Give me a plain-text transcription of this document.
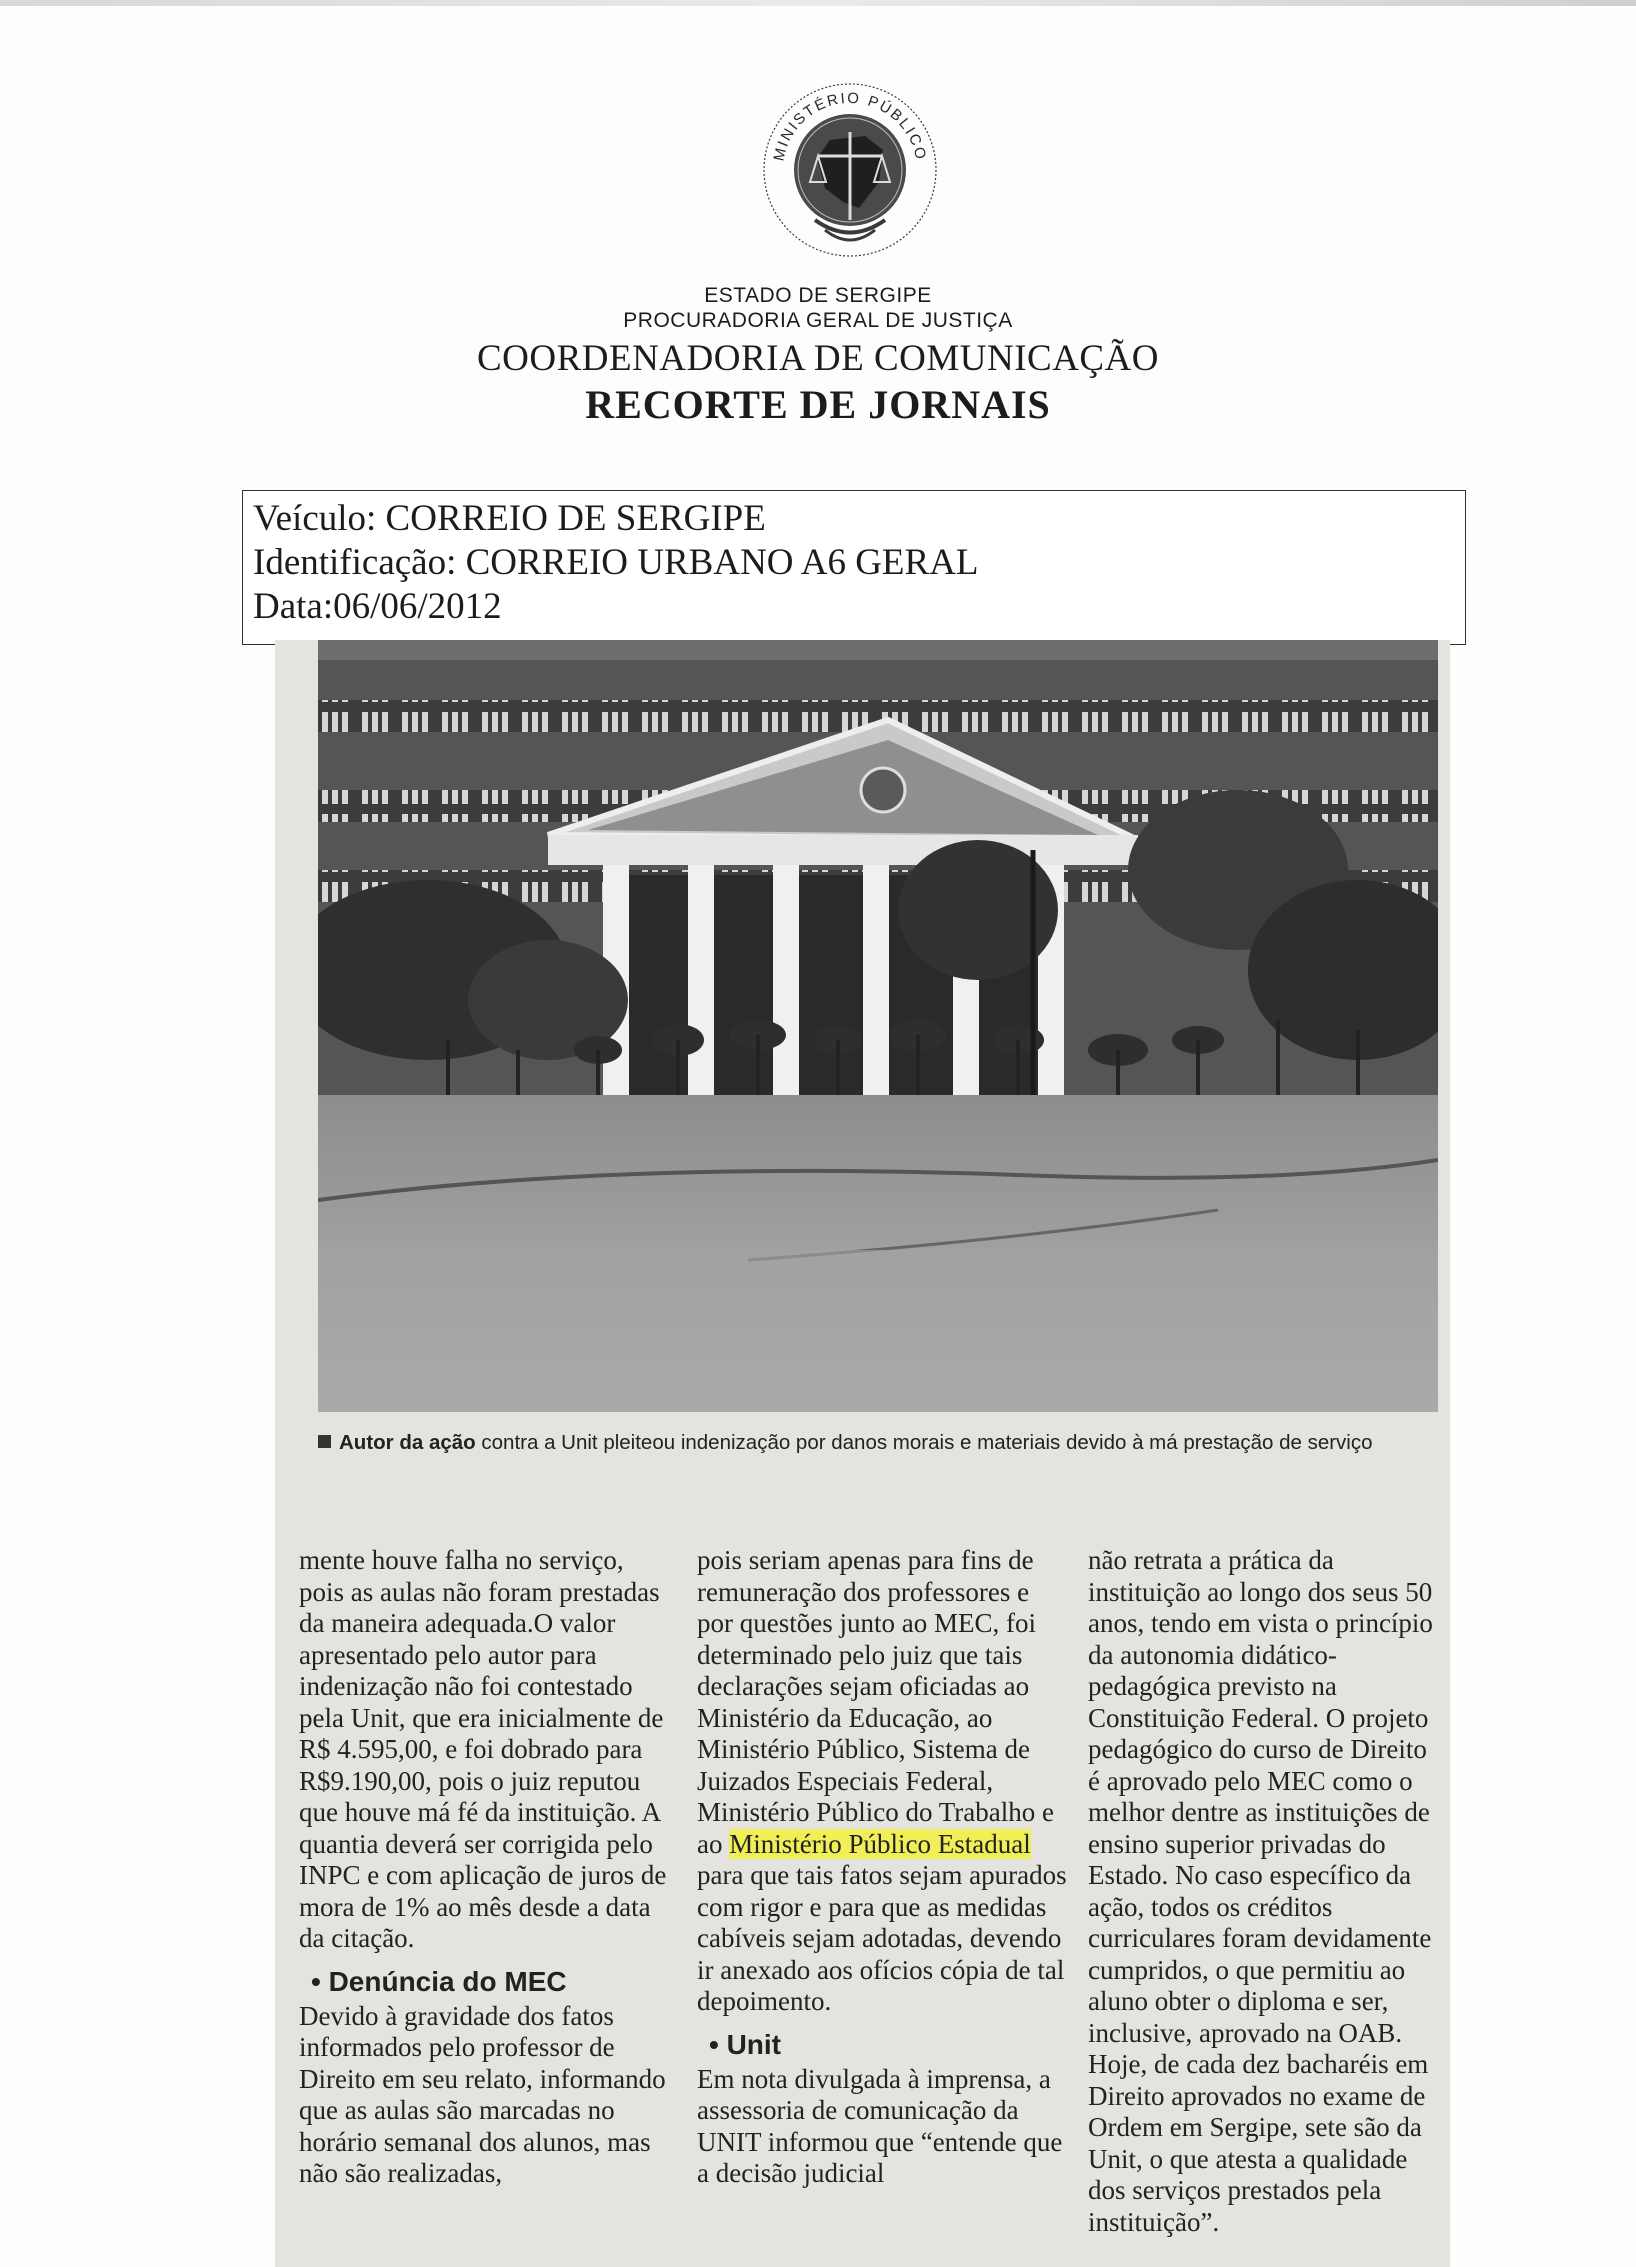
MINISTÉRIO PÚBLICO
ESTADO DE SERGIPE
PROCURADORIA GERAL DE JUSTIÇA
COORDENADORIA DE COMUNICAÇÃO
RECORTE DE JORNAIS
Veículo: CORREIO DE SERGIPE
Identificação: CORREIO URBANO A6 GERAL
Data:06/06/2012
Autor da ação contra a Unit pleiteou indenização por danos morais e materiais devido à má prestação de serviço

mente houve falha no serviço, pois as aulas não foram prestadas da maneira adequada.O valor apresentado pelo autor para indenização não foi contestado pela Unit, que era inicialmente de R$ 4.595,00, e foi dobrado para R$9.190,00, pois o juiz reputou que houve má fé da instituição. A quantia deverá ser corrigida pelo INPC e com aplicação de juros de mora de 1% ao mês desde a data da citação.

• Denúncia do MEC

Devido à gravidade dos fatos informados pelo professor de Direito em seu relato, informando que as aulas são marcadas no horário semanal dos alunos, mas não são realizadas,

pois seriam apenas para fins de remuneração dos professores e por questões junto ao MEC, foi determinado pelo juiz que tais declarações sejam oficiadas ao Ministério da Educação, ao Ministério Público, Sistema de Juizados Especiais Federal, Ministério Público do Trabalho e ao Ministério Público Estadual para que tais fatos sejam apurados com rigor e para que as medidas cabíveis sejam adotadas, devendo ir anexado aos ofícios cópia de tal depoimento.

• Unit

Em nota divulgada à imprensa, a assessoria de comunicação da UNIT informou que “entende que a decisão judicial

não retrata a prática da instituição ao longo dos seus 50 anos, tendo em vista o princípio da autonomia didático-pedagógica previsto na Constituição Federal. O projeto pedagógico do curso de Direito é aprovado pelo MEC como o melhor dentre as instituições de ensino superior privadas do Estado. No caso específico da ação, todos os créditos curriculares foram devidamente cumpridos, o que permitiu ao aluno obter o diploma e ser, inclusive, aprovado na OAB. Hoje, de cada dez bacharéis em Direito aprovados no exame de Ordem em Sergipe, sete são da Unit, o que atesta a qualidade dos serviços prestados pela instituição”.
